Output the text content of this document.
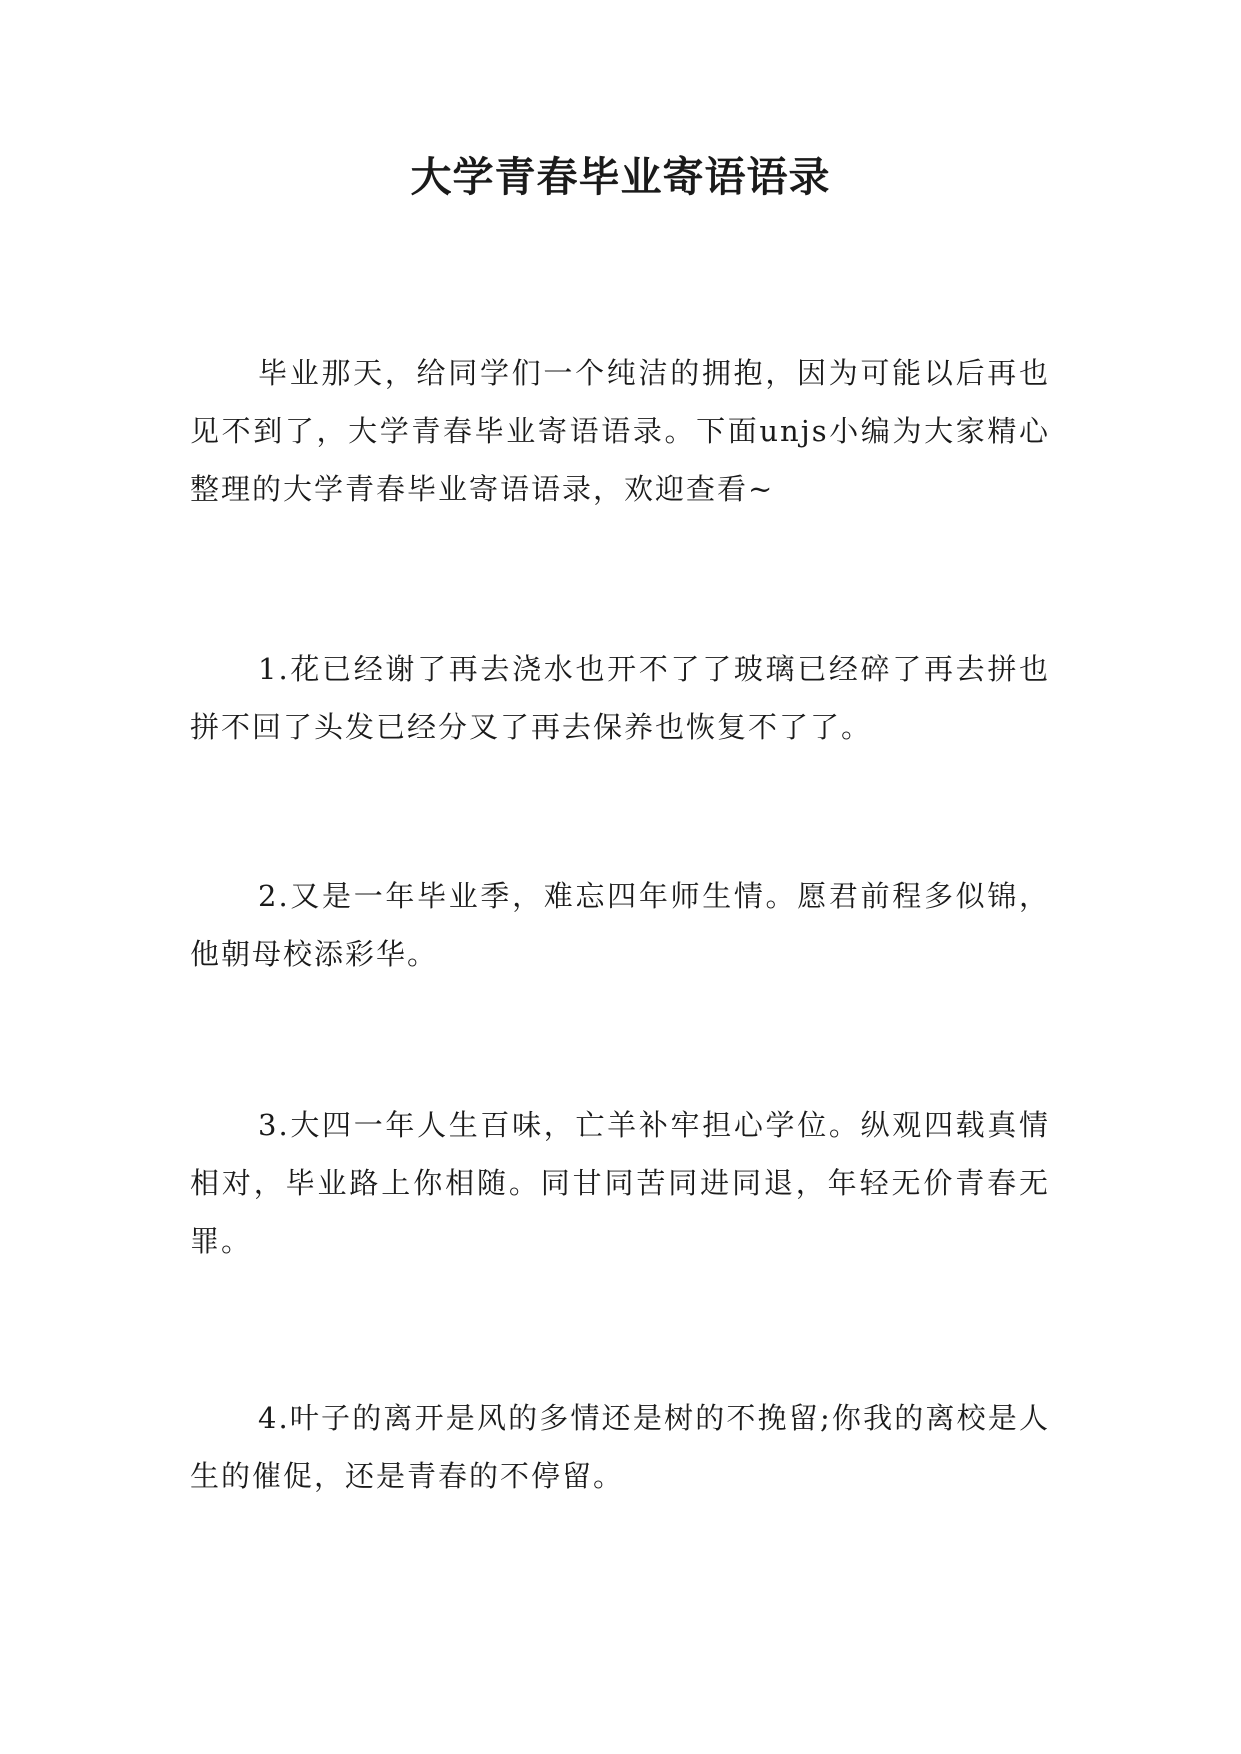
大学青春毕业寄语语录

毕业那天，给同学们一个纯洁的拥抱，因为可能以后再也见不到了，大学青春毕业寄语语录。下面unjs小编为大家精心整理的大学青春毕业寄语语录，欢迎查看~

1.花已经谢了再去浇水也开不了了玻璃已经碎了再去拼也拼不回了头发已经分叉了再去保养也恢复不了了。

2.又是一年毕业季，难忘四年师生情。愿君前程多似锦，他朝母校添彩华。

3.大四一年人生百味，亡羊补牢担心学位。纵观四载真情相对，毕业路上你相随。同甘同苦同进同退，年轻无价青春无罪。

4.叶子的离开是风的多情还是树的不挽留;你我的离校是人生的催促，还是青春的不停留。
